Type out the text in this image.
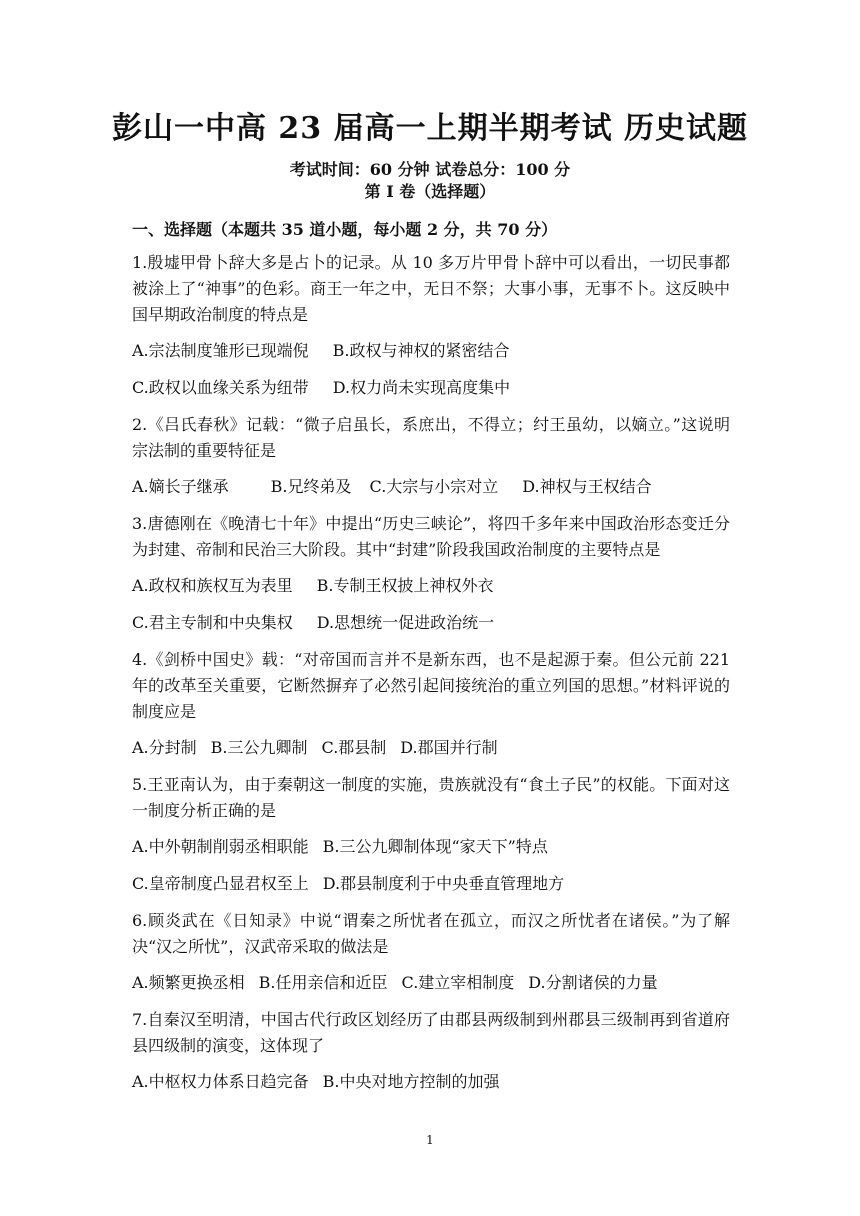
彭山一中高 23 届高一上期半期考试 历史试题
考试时间：60 分钟 试卷总分：100 分
第 I 卷（选择题）
一、选择题（本题共 35 道小题，每小题 2 分，共 70 分）

1.殷墟甲骨卜辞大多是占卜的记录。从 10 多万片甲骨卜辞中可以看出，一切民事都被涂上了“神事”的色彩。商王一年之中，无日不祭；大事小事，无事不卜。这反映中国早期政治制度的特点是

A.宗法制度雏形已现端倪 B.政权与神权的紧密结合

C.政权以血缘关系为纽带 D.权力尚未实现高度集中

2.《吕氏春秋》记载：“微子启虽长，系庶出，不得立；纣王虽幼，以嫡立。”这说明宗法制的重要特征是

A.嫡长子继承	B.兄终弟及 C.大宗与小宗对立 D.神权与王权结合

3.唐德刚在《晚清七十年》中提出“历史三峡论”，将四千多年来中国政治形态变迁分为封建、帝制和民治三大阶段。其中“封建”阶段我国政治制度的主要特点是

A.政权和族权互为表里 B.专制王权披上神权外衣

C.君主专制和中央集权 D.思想统一促进政治统一

4.《剑桥中国史》载：“对帝国而言并不是新东西，也不是起源于秦。但公元前 221 年的改革至关重要，它断然摒弃了必然引起间接统治的重立列国的思想。”材料评说的制度应是

A.分封制 B.三公九卿制 C.郡县制 D.郡国并行制

5.王亚南认为，由于秦朝这一制度的实施，贵族就没有“食土子民”的权能。下面对这一制度分析正确的是

A.中外朝制削弱丞相职能 B.三公九卿制体现“家天下”特点

C.皇帝制度凸显君权至上 D.郡县制度利于中央垂直管理地方

6.顾炎武在《日知录》中说“谓秦之所忧者在孤立，而汉之所忧者在诸侯。”为了解决“汉之所忧”，汉武帝采取的做法是

A.频繁更换丞相 B.任用亲信和近臣 C.建立宰相制度 D.分割诸侯的力量

7.自秦汉至明清，中国古代行政区划经历了由郡县两级制到州郡县三级制再到省道府县四级制的演变，这体现了

A.中枢权力体系日趋完备 B.中央对地方控制的加强

1
